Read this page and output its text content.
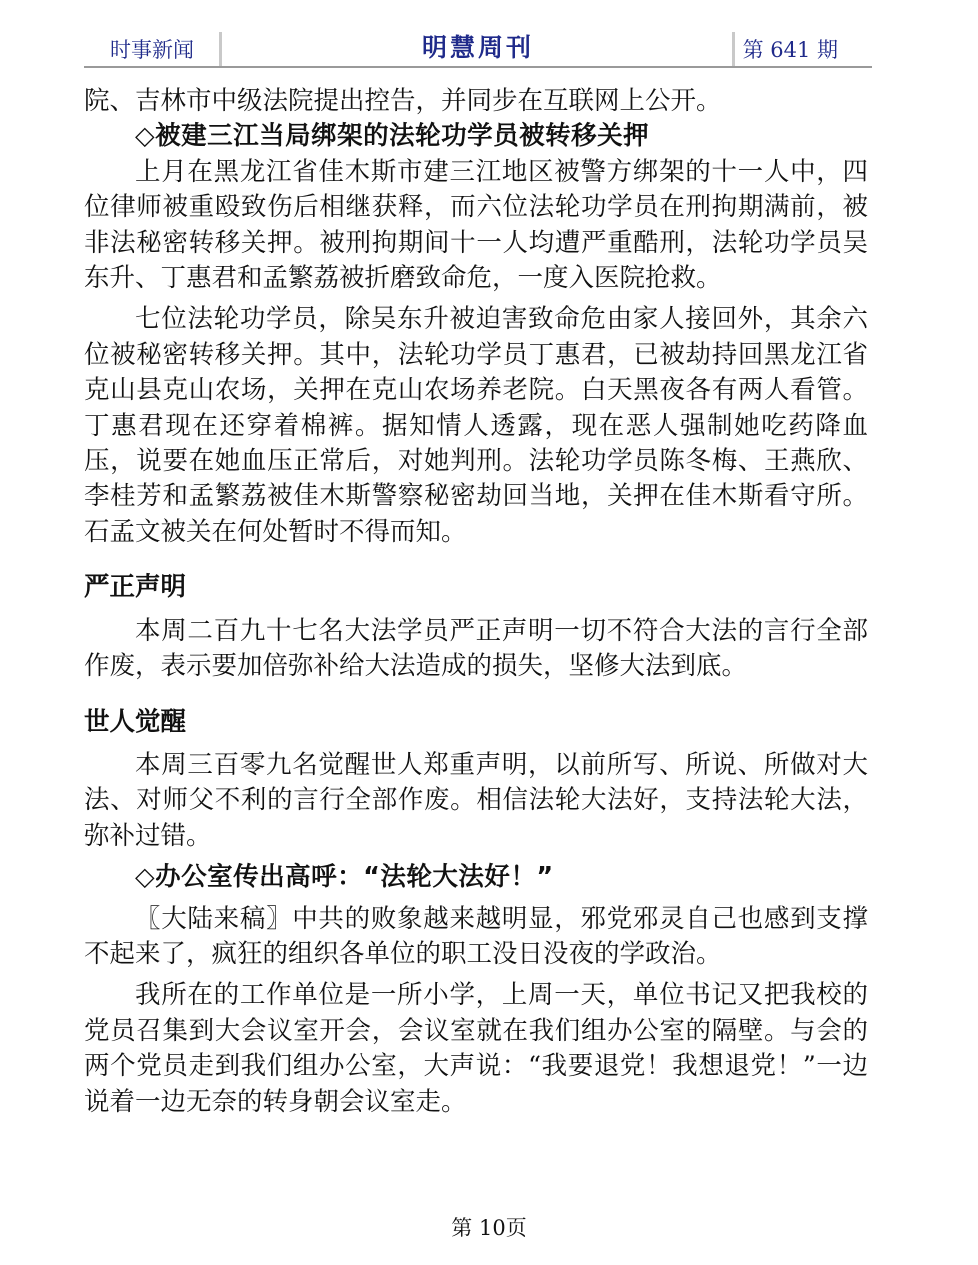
时事新闻	明慧周刊	第 641 期

院、吉林市中级法院提出控告，并同步在互联网上公开。

◇被建三江当局绑架的法轮功学员被转移关押

上月在黑龙江省佳木斯市建三江地区被警方绑架的十一人中，四位律师被重殴致伤后相继获释，而六位法轮功学员在刑拘期满前，被非法秘密转移关押。被刑拘期间十一人均遭严重酷刑，法轮功学员吴东升、丁惠君和孟繁荔被折磨致命危，一度入医院抢救。

七位法轮功学员，除吴东升被迫害致命危由家人接回外，其余六位被秘密转移关押。其中，法轮功学员丁惠君，已被劫持回黑龙江省克山县克山农场，关押在克山农场养老院。白天黑夜各有两人看管。丁惠君现在还穿着棉裤。据知情人透露，现在恶人强制她吃药降血压，说要在她血压正常后，对她判刑。法轮功学员陈冬梅、王燕欣、李桂芳和孟繁荔被佳木斯警察秘密劫回当地，关押在佳木斯看守所。石孟文被关在何处暂时不得而知。

严正声明

本周二百九十七名大法学员严正声明一切不符合大法的言行全部作废，表示要加倍弥补给大法造成的损失，坚修大法到底。

世人觉醒

本周三百零九名觉醒世人郑重声明，以前所写、所说、所做对大法、对师父不利的言行全部作废。相信法轮大法好，支持法轮大法，弥补过错。

◇办公室传出高呼：“法轮大法好！”

〖大陆来稿〗中共的败象越来越明显，邪党邪灵自己也感到支撑不起来了，疯狂的组织各单位的职工没日没夜的学政治。

我所在的工作单位是一所小学，上周一天，单位书记又把我校的党员召集到大会议室开会，会议室就在我们组办公室的隔壁。与会的两个党员走到我们组办公室，大声说：“我要退党！我想退党！”一边说着一边无奈的转身朝会议室走。

第 10页
